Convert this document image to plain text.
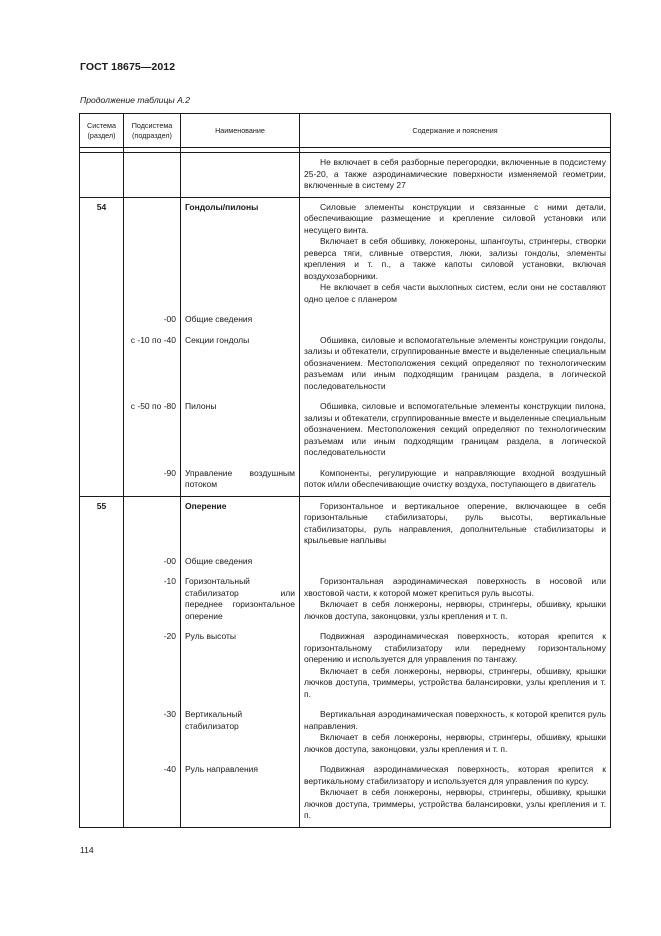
ГОСТ 18675—2012
Продолжение таблицы А.2
Система (раздел)	Подсистема (подраздел)	Наименование	Содержание и пояснения

			Не включает в себя разборные перегородки, включенные в подсистему 25-20, а также аэродинамические поверхности изменяемой геометрии, включенные в систему 27

54		Гондолы/пилоны	Силовые элементы конструкции и связанные с ними детали, обеспечивающие размещение и крепление силовой установки или несущего винта.

Включает в себя обшивку, лонжероны, шпангоуты, стрингеры, створки реверса тяги, сливные отверстия, люки, зализы гондолы, элементы крепления и т. п., а также капоты силовой установки, включая воздухозаборники.

Не включает в себя части выхлопных систем, если они не составляют одно целое с планером

	-00	Общие сведения	
	с -10 по -40	Секции гондолы	Обшивка, силовые и вспомогательные элементы конструкции гондолы, зализы и обтекатели, сгруппированные вместе и выделенные специальным обозначением. Местоположения секций определяют по технологическим разъемам или иным подходящим границам раздела, в логической последовательности

	с -50 по -80	Пилоны	Обшивка, силовые и вспомогательные элементы конструкции пилона, зализы и обтекатели, сгруппированные вместе и выделенные специальным обозначением. Местоположения секций определяют по технологическим разъемам или иным подходящим границам раздела, в логической последовательности

	-90	Управление воздушным потоком	Компоненты, регулирующие и направляющие входной воздушный поток и/или обеспечивающие очистку воздуха, поступающего в двигатель

55		Оперение	Горизонтальное и вертикальное оперение, включающее в себя горизонтальные стабилизаторы, руль высоты, вертикальные стабилизаторы, руль направления, дополнительные стабилизаторы и крыльевые наплывы

	-00	Общие сведения	
	-10	Горизонтальный стабилизатор или переднее горизонтальное оперение	Горизонтальная аэродинамическая поверхность в носовой или хвостовой части, к которой может крепиться руль высоты.

Включает в себя лонжероны, нервюры, стрингеры, обшивку, крышки лючков доступа, законцовки, узлы крепления и т. п.

	-20	Руль высоты	Подвижная аэродинамическая поверхность, которая крепится к горизонтальному стабилизатору или переднему горизонтальному оперению и используется для управления по тангажу.

Включает в себя лонжероны, нервюры, стрингеры, обшивку, крышки лючков доступа, триммеры, устройства балансировки, узлы крепления и т. п.

	-30	Вертикальный стабилизатор	Вертикальная аэродинамическая поверхность, к которой крепится руль направления.

Включает в себя лонжероны, нервюры, стрингеры, обшивку, крышки лючков доступа, законцовки, узлы крепления и т. п.

	-40	Руль направления	Подвижная аэродинамическая поверхность, которая крепится к вертикальному стабилизатору и используется для управления по курсу.

Включает в себя лонжероны, нервюры, стрингеры, обшивку, крышки лючков доступа, триммеры, устройства балансировки, узлы крепления и т. п.

114
